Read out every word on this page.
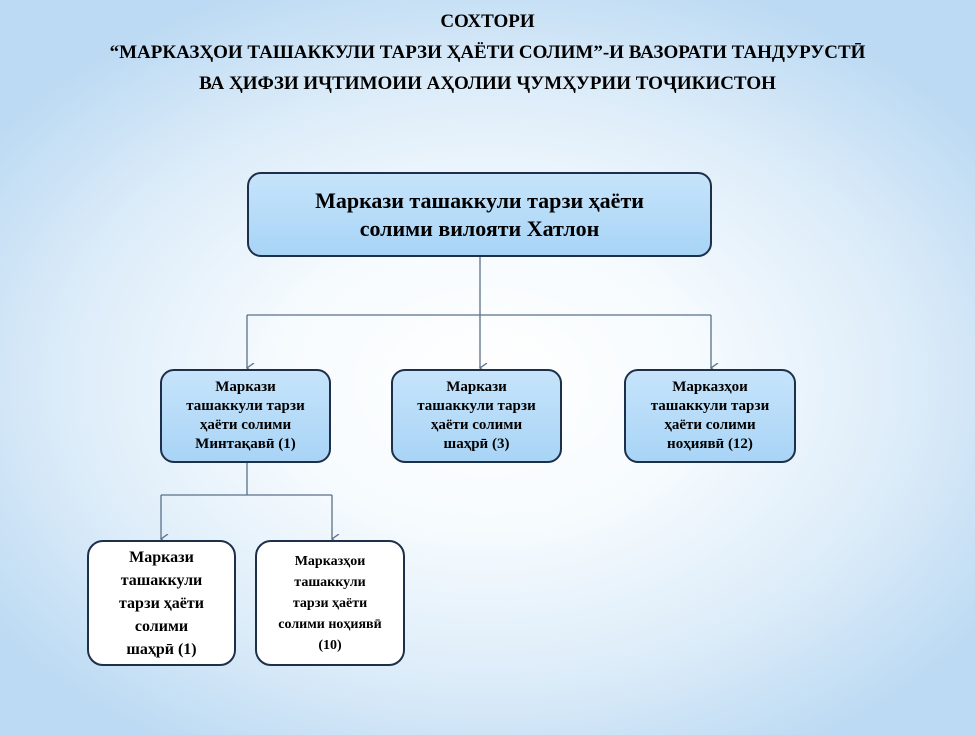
СОХТОРИ
“МАРКАЗҲОИ ТАШАККУЛИ ТАРЗИ ҲАЁТИ СОЛИМ”-И ВАЗОРАТИ ТАНДУРУСТӢ
ВА ҲИФЗИ ИҶТИМОИИ АҲОЛИИ ҶУМҲУРИИ ТОҶИКИСТОН
Маркази ташаккули тарзи ҳаёти
солими вилояти Хатлон
Маркази
ташаккули тарзи
ҳаёти солими
Минтақавӣ (1)
Маркази
ташаккули тарзи
ҳаёти солими
шаҳрӣ (3)
Марказҳои
ташаккули тарзи
ҳаёти солими
ноҳиявӣ (12)
Маркази
ташаккули
тарзи ҳаёти
солими
шаҳрӣ (1)
Марказҳои
ташаккули
тарзи ҳаёти
солими ноҳиявӣ
(10)
